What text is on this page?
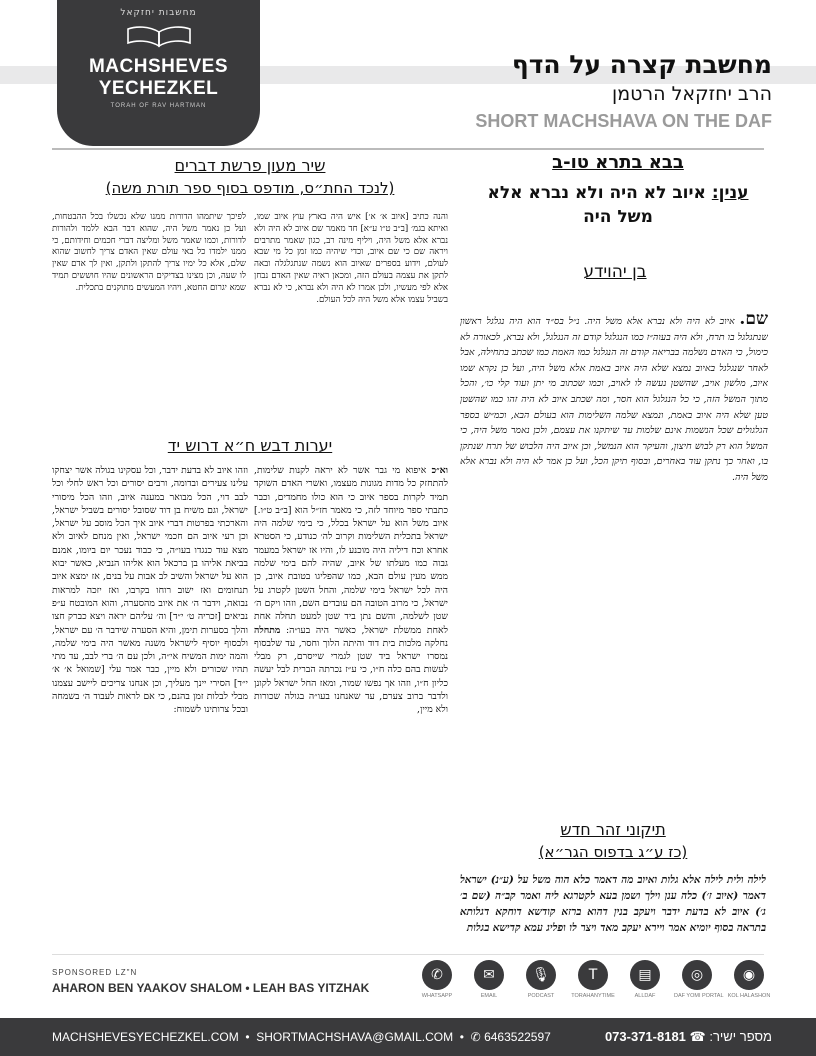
מחשבות יחזקאל
MACHSHEVES
YECHEZKEL
TORAH OF RAV HARTMAN
מחשבת קצרה על הדף
הרב יחזקאל הרטמן
SHORT MACHSHAVA ON THE DAF
בבא בתרא טו-ב
ענין: איוב לא היה ולא נברא אלא משל היה
בן יהוידע
שם. איוב לא היה ולא נברא אלא משל היה. נ״ל בס״ד הוא היה נגלגל ראשון שנתגלגל בו תרח, ולא היה בעוה״ז כמו הנגלגל קודם זה הנגלגל, ולא נברא, לכאורה לא כימול, כי האדם נשלמה בבריאה קודם זה הנגלגל כמו האמת כמו שכתב בתחילה, אבל לאחר שנגלגל באיוב נמצא שלא היה איוב באמת אלא משל היה, ועל כן נקרא שמו איוב, מלשון אויב, שהשטן נעשה לו לאויב, וכמו שכתוב מי יתן ועוד קלי כו׳, והכל מתוך המשל הזה, כי כל הנגלגל הוא חסר, ומה שכתב איוב לא היה זהו כמו שהשטן טען שלא היה איוב באמת, ונמצא שלמה השלימות הוא בעולם הבא, וכמ״ש בספר הגלגולים שכל הנשמות אינם שלמות עד שיתקנו את עצמם, ולכן נאמר משל היה, כי המשל הוא רק לבוש חיצון, והעיקר הוא הנמשל, וכן איוב היה הלבוש של תרח שנתקן בו, ואחר כך נתקן עוד באחרים, ובסוף תיקן הכל, ועל כן אמר לא היה ולא נברא אלא משל היה.
שיר מעון פרשת דברים
(לנכד החת״ס, מודפס בסוף ספר תורת משה)
והנה כתיב [איוב א׳ א׳] איש היה בארץ עוץ איוב שמו, ואיתא בגמ׳ [ב״ב ט״ו ע״א] חד מאמר שם איוב לא היה ולא נברא אלא משל היה, ויליף מינה רב, כגון שאמר מתרבים ויראה שם כי שם איוב, וכדי שיהיה כמו זמן כל מי שבא לעולם, וידוע בספרים שאיוב הוא נשמה שנתגלגלה ובאה לתקן את עצמה בעולם הזה, ומכאן ראיה שאין האדם נבחן אלא לפי מעשיו, ולכן אמרו לא היה ולא נברא, כי לא נברא בשביל עצמו אלא משל היה לכל העולם.
לפיכך שיתמהו הדורות ממנו שלא נכשלו בכל ההבטחות, ועל כן נאמר משל היה, שהוא דבר הבא ללמד ולהורות לדורות, וכמו שאמר משל ומליצה דברי חכמים וחידותם, כי ממנו ילמדו כל באי עולם שאין האדם צריך לחשוב שהוא שלם, אלא כל ימיו צריך להתקן ולתקן, ואין לך אדם שאין לו שעה, וכן מצינו בצדיקים הראשונים שהיו חוששים תמיד שמא יגרום החטא, ויהיו המעשים מתוקנים בתכלית.
יערות דבש ח״א דרוש יד
וא״כ איפוא מי גבר אשר לא יראה לקנות שלימות, להתחזק כל מדות מגונות מעצמו, ואשרי האדם השוקד תמיד לקרות בספר איוב כי הוא כולו מחמדים, וכבר כתבתי ספר מיוחד לזה, כי מאמר חז״ל הוא [ב״ב ט״ו.] איוב משל הוא על ישראל בכלל, כי בימי שלמה היה ישראל בתכלית השלימות וקרוב לה׳ כנודע, כי הסטרא אחרא וכח דיליה היה מוכנע לו, והיו אז ישראל במעמד גבוה כמו מעלתו של איוב, שהיה להם בימי שלמה ממש מעין עולם הבא, כמו שהפליגו בטובת איוב, כן היה לכל ישראל בימי שלמה, והחל השטן לקטרג על ישראל, כי מרוב הטובה הם עובדים השם, וזהו ויקם ה׳ שטן לשלמה, והשם נתן ביד שטן למעט תחלה אחת לאחת ממשלת ישראל, כאשר היה בעו״ה: מתחלה נחלקה מלכות בית דוד והיתה הלוך וחסר, עד שלבסוף נמסרו ישראל ביד שטן לגמרי שייסרם, רק מבלי לעשות בהם כלה ח״ו, כי ע״ז נכרתה הברית לבל יעשה כליון ח״ו, וזהו אך נפשו שמור, ומאז החל ישראל לקונן ולדבר ברוב צערם, עד שאנחנו בעו״ה בגולה שכורות ולא מיין,
וזהו איוב לא בדעת ידבר, וכל עסקינו בגולה אשר יצחקו עלינו צעירים ובדומה, ורבים יסורים וכל ראש לחלי וכל לבב דוי, הכל מבואר במענה איוב, וזהו הכל מיסורי ישראל, וגם משיח בן דוד שסובל יסורים בשביל ישראל, והארכתי בפרטות דברי איוב איך הכל מוסב על ישראל, וכן רעי איוב הם חכמי ישראל, ואין מנחם לאיוב ולא מצא עוד כנגדו בעו״ה, כי כבוד נעכר יום ביומו, אמנם בביאת אליהו בן ברכאל הוא אליהו הנביא, כאשר יבוא הוא על ישראל והשיב לב אבות על בנים, אז ימצא איוב תנחומים ואז ישוב רוחו בקרבו, ואז יזכה למראות נבואה, וידבר ה׳ את איוב מהסערה, והוא המובטח ע״פ נביאים [זכריה ט׳ י״ד] וה׳ עליהם יראה ויצא כברק חצו והלך בסערות תימן, והיא הסערה שידבר ה׳ עם ישראל, ולבסוף יוסיף לישראל משנה מאשר היה בימי שלמה, והמה ימות המשיח אי״ה, ולכן עם ה׳ ברי לבב, עד מתי תהיו שכורים ולא מיין, כבר אמר עלי [שמואל א׳ א׳ י״ד] הסירי יינך מעליך, וכן אנחנו צריכים ליישב עצמנו מבלי לבלות זמן בהנם, כי אם לראות לעבוד ה׳ בשמחה ובכל צרותינו לשמוח:
תיקוני זהר חדש
(כז ע״ג בדפוס הגר״א)
לילה ולית לילה אלא גלות ואיוב מה דאמר כלא הוה משל על (ע״נ) ישראל דאמר (איוב ז׳) כלה ענן וילך ושמן בעא לקטרגא ליה ואמר קב״ה (שם ב׳ ג׳) איוב לא בדעת ידבר ויעקב בנין דהוא ברזא קודשא דוחקא דגלותא בתראה בסוף יומיא אמר ויירא יעקב מאד ויצר לו ופליג עמא קדישא בגלות
SPONSORED LZ"N
AHARON BEN YAAKOV SHALOM • LEAH BAS YITZHAK
✆
WHATSAPP
✉
EMAIL
🎙
PODCAST
T
TORAHANYTIME
▤
ALLDAF
◎
DAF YOMI PORTAL
◉
KOL HALASHON
MACHSHEVESYECHEZKEL.COM  •  SHORTMACHSHAVA@GMAIL.COM  •  ✆ 6463522597	מספר ישיר: ☎ 073-371-8181
